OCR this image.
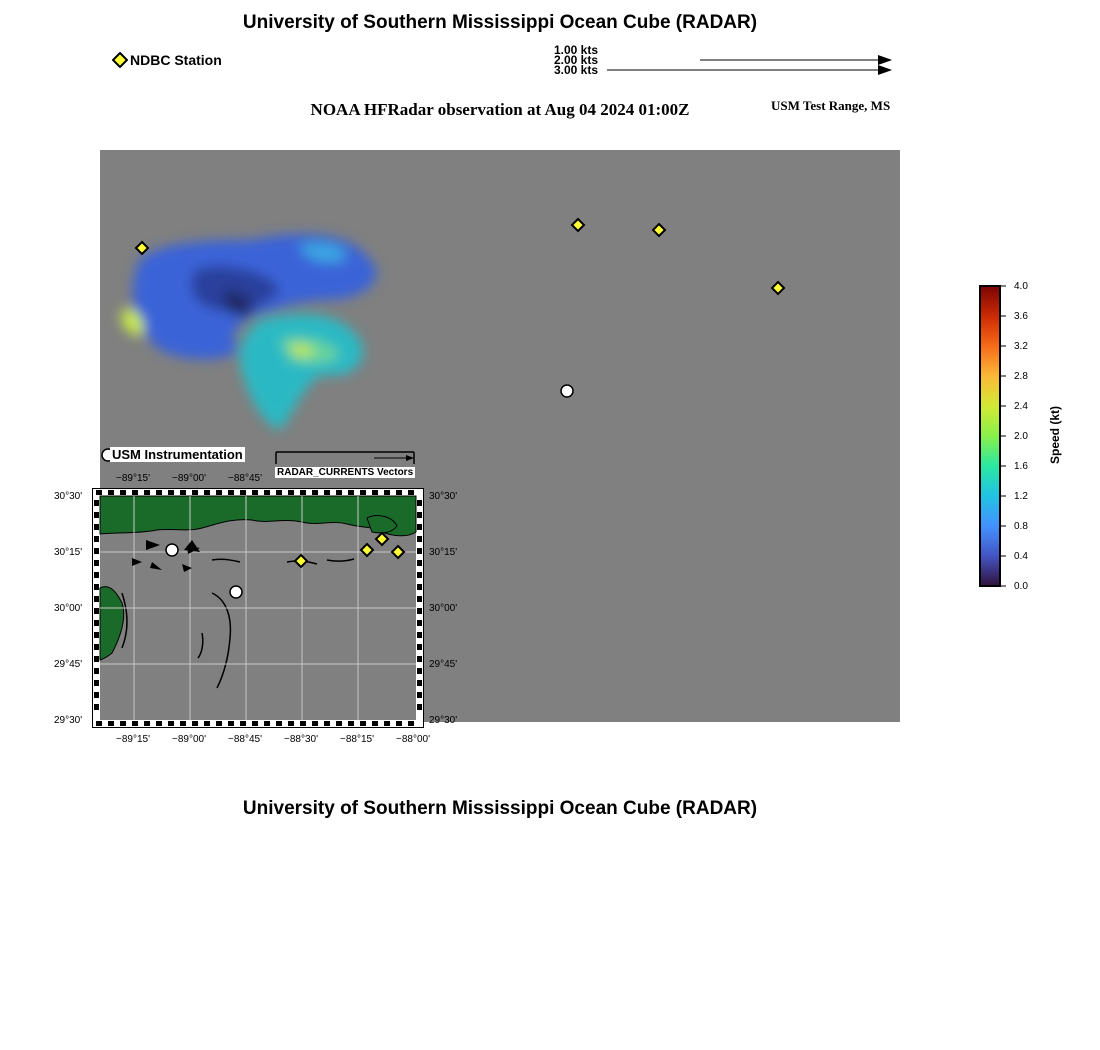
University of Southern Mississippi Ocean Cube (RADAR)
NDBC Station
1.00 kts
2.00 kts
3.00 kts
NOAA HFRadar observation at Aug 04 2024 01:00Z	USM Test Range, MS
4.0
3.6
3.2
2.8
2.4
2.0
1.6
1.2
0.8
0.4
0.0
Speed (kt)
USM Instrumentation
RADAR_CURRENTS Vectors
−89°15' −89°00' −88°45'
30°30'
30°15'
30°00'
29°45'
29°30'
30°30'
30°15'
30°00'
29°45'
29°30'
−89°15' −89°00' −88°45' −88°30' −88°15' −88°00'
University of Southern Mississippi Ocean Cube (RADAR)
